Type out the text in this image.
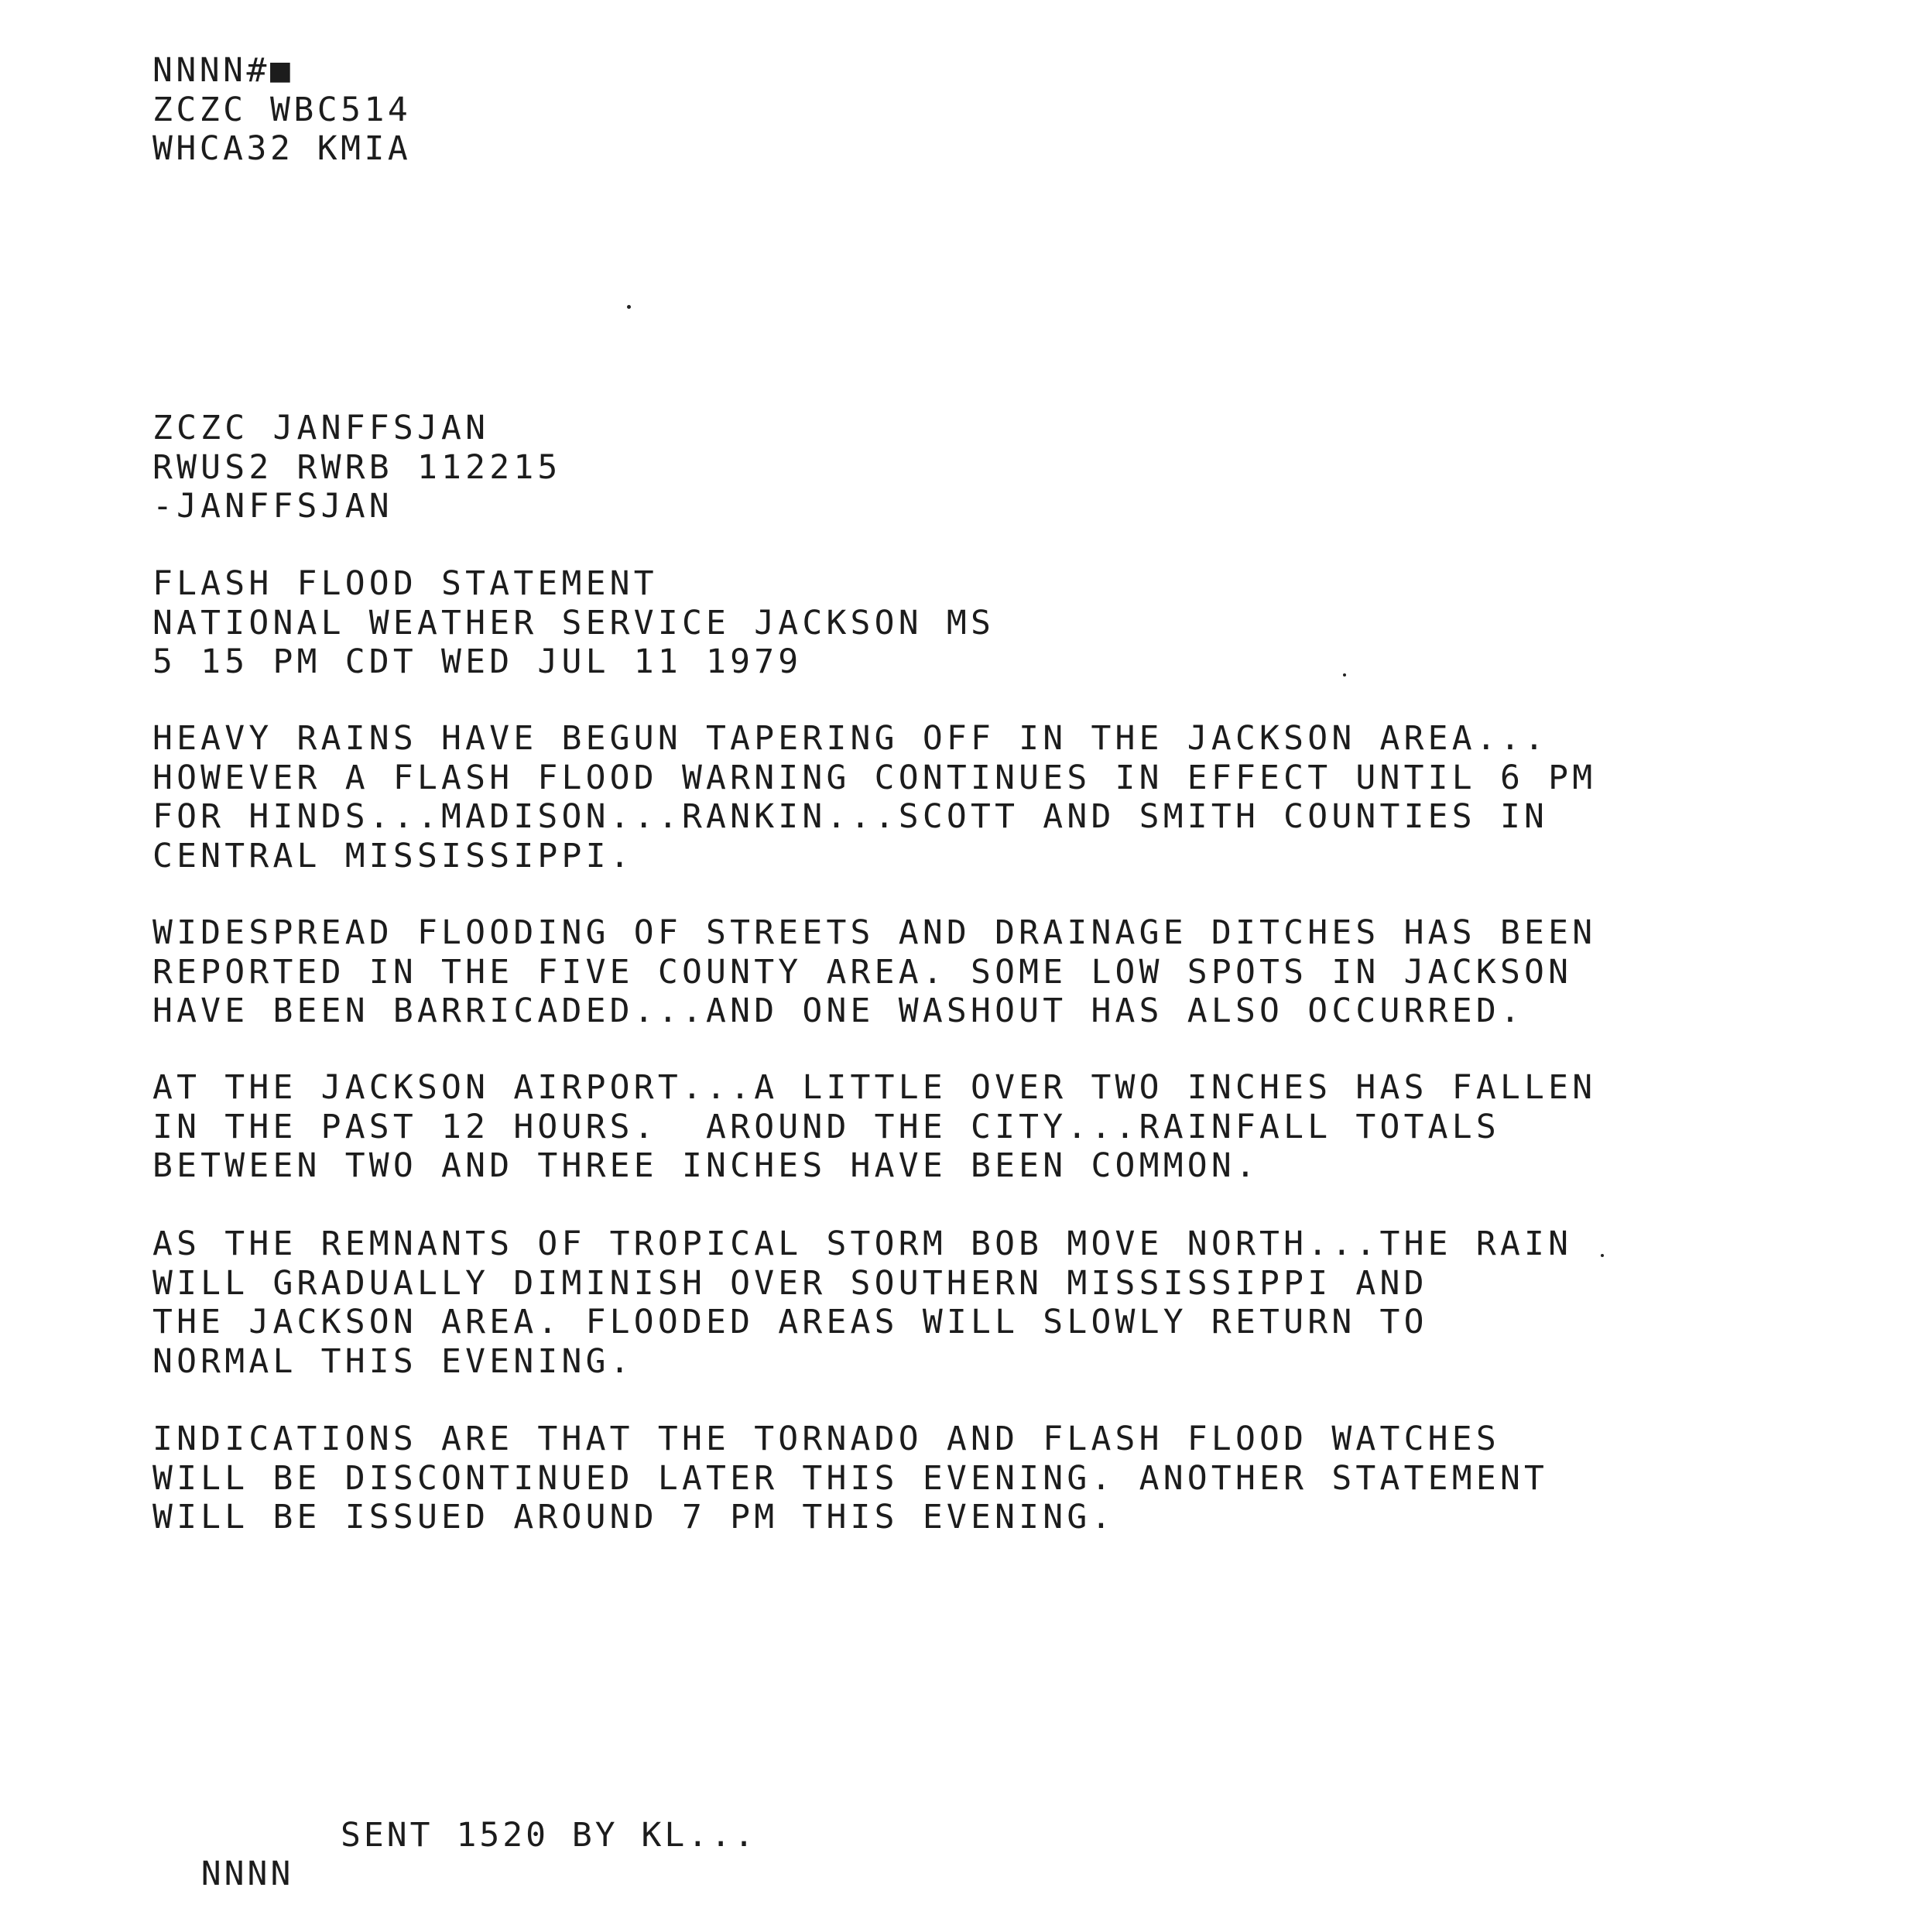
NNNN#■
ZCZC WBC514
WHCA32 KMIA
ZCZC JANFFSJAN
RWUS2 RWRB 112215
-JANFFSJAN
FLASH FLOOD STATEMENT
NATIONAL WEATHER SERVICE JACKSON MS
5 15 PM CDT WED JUL 11 1979
HEAVY RAINS HAVE BEGUN TAPERING OFF IN THE JACKSON AREA...
HOWEVER A FLASH FLOOD WARNING CONTINUES IN EFFECT UNTIL 6 PM
FOR HINDS...MADISON...RANKIN...SCOTT AND SMITH COUNTIES IN
CENTRAL MISSISSIPPI.
WIDESPREAD FLOODING OF STREETS AND DRAINAGE DITCHES HAS BEEN
REPORTED IN THE FIVE COUNTY AREA. SOME LOW SPOTS IN JACKSON
HAVE BEEN BARRICADED...AND ONE WASHOUT HAS ALSO OCCURRED.
AT THE JACKSON AIRPORT...A LITTLE OVER TWO INCHES HAS FALLEN
IN THE PAST 12 HOURS.  AROUND THE CITY...RAINFALL TOTALS
BETWEEN TWO AND THREE INCHES HAVE BEEN COMMON.
AS THE REMNANTS OF TROPICAL STORM BOB MOVE NORTH...THE RAIN
WILL GRADUALLY DIMINISH OVER SOUTHERN MISSISSIPPI AND
THE JACKSON AREA. FLOODED AREAS WILL SLOWLY RETURN TO
NORMAL THIS EVENING.
INDICATIONS ARE THAT THE TORNADO AND FLASH FLOOD WATCHES
WILL BE DISCONTINUED LATER THIS EVENING. ANOTHER STATEMENT
WILL BE ISSUED AROUND 7 PM THIS EVENING.

NNNN

SENT 1520 BY KL...
